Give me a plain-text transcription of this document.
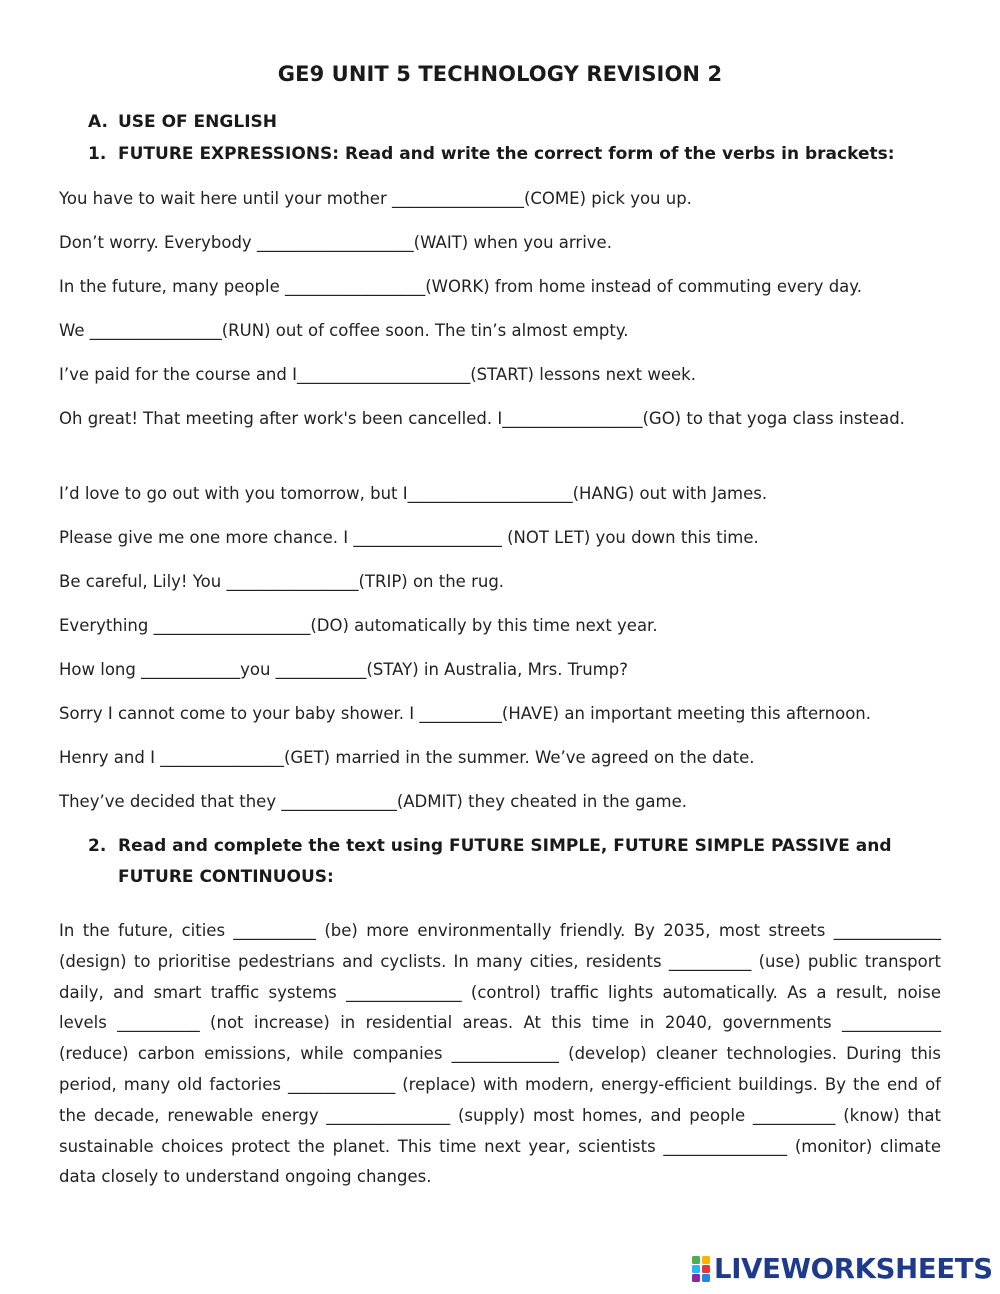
GE9 UNIT 5 TECHNOLOGY REVISION 2
A. USE OF ENGLISH
1. FUTURE EXPRESSIONS: Read and write the correct form of the verbs in brackets:
You have to wait here until your mother ________________(COME) pick you up.
Don’t worry. Everybody ___________________(WAIT) when you arrive.
In the future, many people _________________(WORK) from home instead of commuting every day.
We ________________(RUN) out of coffee soon. The tin’s almost empty.
I’ve paid for the course and I_____________________(START) lessons next week.
Oh great! That meeting after work's been cancelled. I_________________(GO) to that yoga class instead.
I’d love to go out with you tomorrow, but I____________________(HANG) out with James.
Please give me one more chance. I __________________ (NOT LET) you down this time.
Be careful, Lily! You ________________(TRIP) on the rug.
Everything ___________________(DO) automatically by this time next year.
How long ____________you ___________(STAY) in Australia, Mrs. Trump?
Sorry I cannot come to your baby shower. I __________(HAVE) an important meeting this afternoon.
Henry and I _______________(GET) married in the summer. We’ve agreed on the date.
They’ve decided that they ______________(ADMIT) they cheated in the game.
2. Read and complete the text using FUTURE SIMPLE, FUTURE SIMPLE PASSIVE and FUTURE CONTINUOUS:
In the future, cities __________ (be) more environmentally friendly. By 2035, most streets _____________ (design) to prioritise pedestrians and cyclists. In many cities, residents __________ (use) public transport daily, and smart traffic systems ______________ (control) traffic lights automatically. As a result, noise levels __________ (not increase) in residential areas. At this time in 2040, governments ____________ (reduce) carbon emissions, while companies _____________ (develop) cleaner technologies. During this period, many old factories _____________ (replace) with modern, energy-efficient buildings. By the end of the decade, renewable energy _______________ (supply) most homes, and people __________ (know) that sustainable choices protect the planet. This time next year, scientists _______________ (monitor) climate data closely to understand ongoing changes.
LIVEWORKSHEETS
